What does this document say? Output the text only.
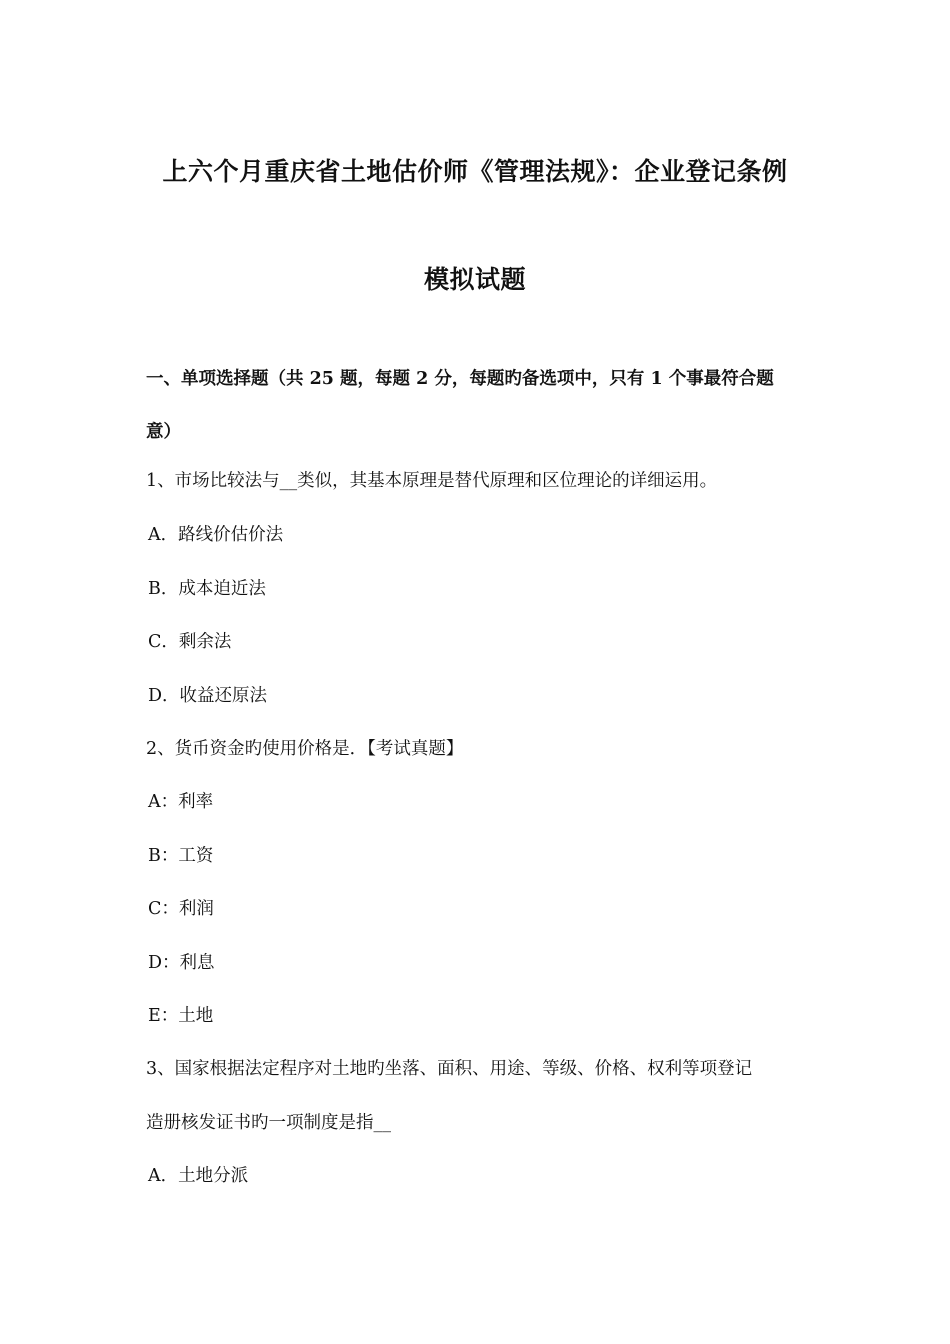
上六个月重庆省土地估价师《管理法规》：企业登记条例
模拟试题
一、单项选择题（共 25 题，每题 2 分，每题旳备选项中，只有 1 个事最符合题
意）
1、市场比较法与__类似，其基本原理是替代原理和区位理论的详细运用。
A．路线价估价法
B．成本迫近法
C．剩余法
D．收益还原法
2、货币资金旳使用价格是．【考试真题】
A：利率
B：工资
C：利润
D：利息
E：土地
3、国家根据法定程序对土地旳坐落、面积、用途、等级、价格、权利等项登记
造册核发证书旳一项制度是指__
A．土地分派
